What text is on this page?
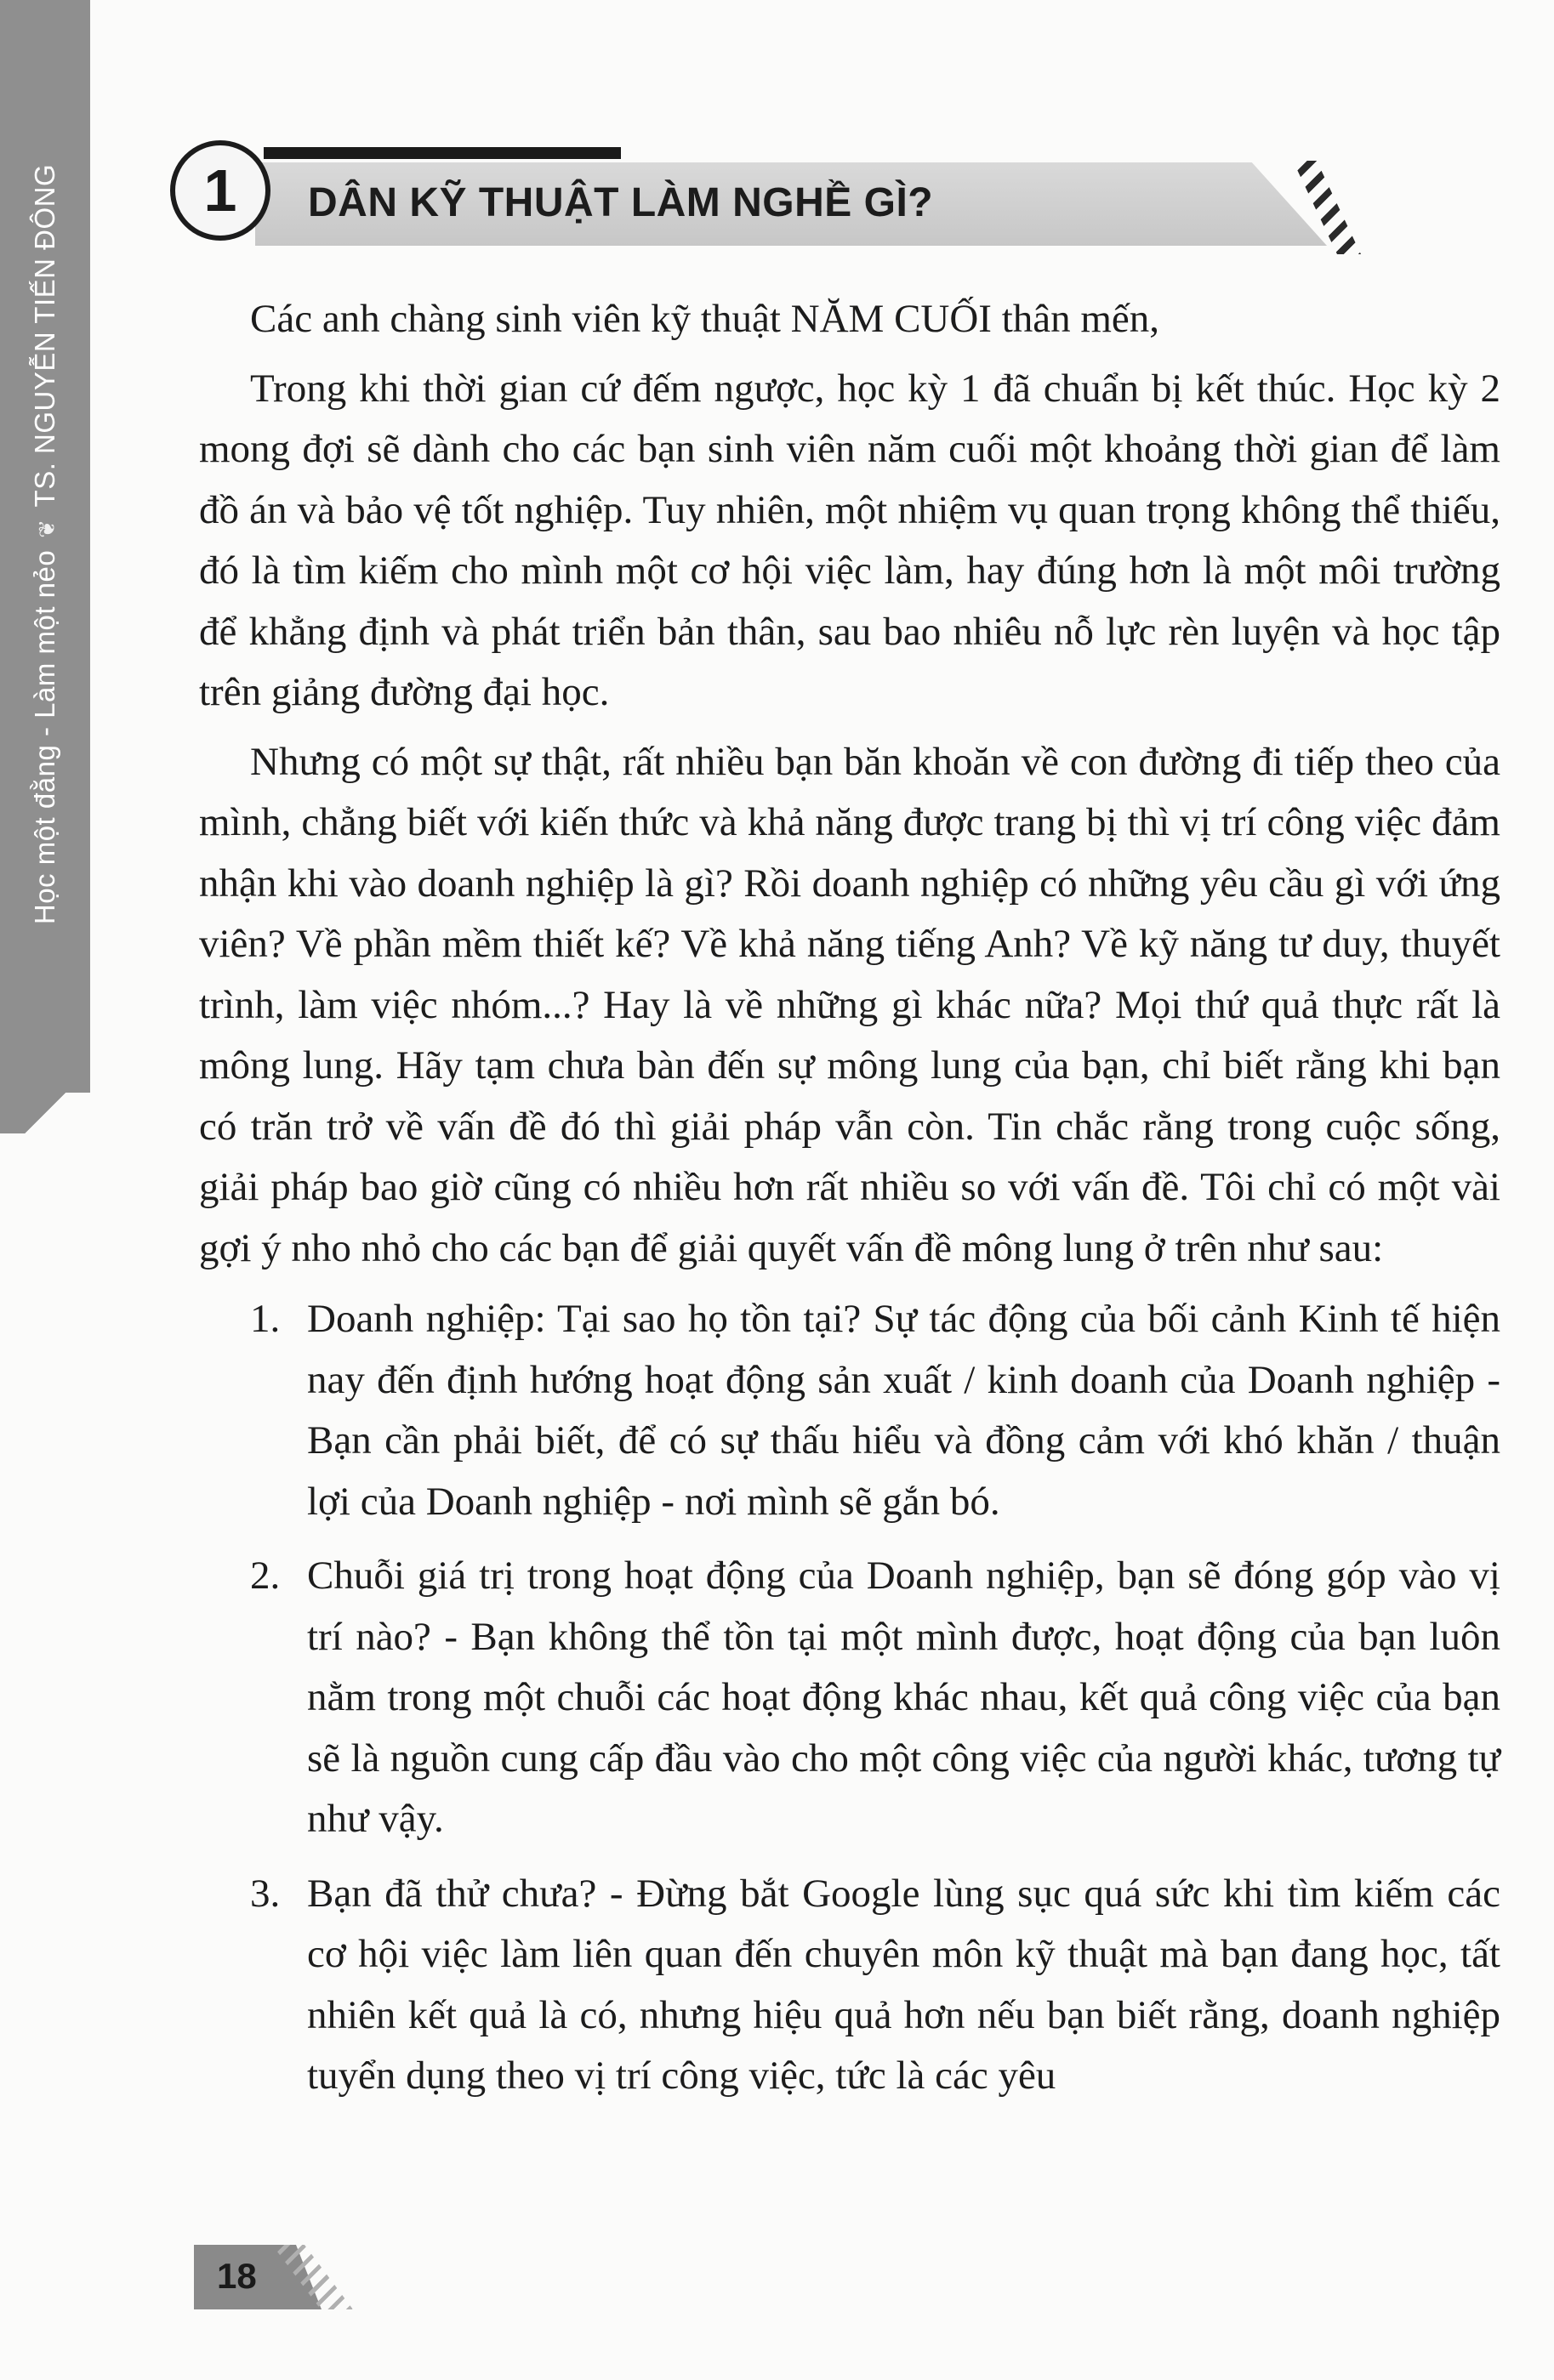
Học một đằng - Làm một nẻo❦TS. NGUYỄN TIẾN ĐÔNG	1	DÂN KỸ THUẬT LÀM NGHỀ GÌ?

Các anh chàng sinh viên kỹ thuật NĂM CUỐI thân mến,

Trong khi thời gian cứ đếm ngược, học kỳ 1 đã chuẩn bị kết thúc. Học kỳ 2 mong đợi sẽ dành cho các bạn sinh viên năm cuối một khoảng thời gian để làm đồ án và bảo vệ tốt nghiệp. Tuy nhiên, một nhiệm vụ quan trọng không thể thiếu, đó là tìm kiếm cho mình một cơ hội việc làm, hay đúng hơn là một môi trường để khẳng định và phát triển bản thân, sau bao nhiêu nỗ lực rèn luyện và học tập trên giảng đường đại học.

Nhưng có một sự thật, rất nhiều bạn băn khoăn về con đường đi tiếp theo của mình, chẳng biết với kiến thức và khả năng được trang bị thì vị trí công việc đảm nhận khi vào doanh nghiệp là gì? Rồi doanh nghiệp có những yêu cầu gì với ứng viên? Về phần mềm thiết kế? Về khả năng tiếng Anh? Về kỹ năng tư duy, thuyết trình, làm việc nhóm...? Hay là về những gì khác nữa? Mọi thứ quả thực rất là mông lung. Hãy tạm chưa bàn đến sự mông lung của bạn, chỉ biết rằng khi bạn có trăn trở về vấn đề đó thì giải pháp vẫn còn. Tin chắc rằng trong cuộc sống, giải pháp bao giờ cũng có nhiều hơn rất nhiều so với vấn đề. Tôi chỉ có một vài gợi ý nho nhỏ cho các bạn để giải quyết vấn đề mông lung ở trên như sau:

1. Doanh nghiệp: Tại sao họ tồn tại? Sự tác động của bối cảnh Kinh tế hiện nay đến định hướng hoạt động sản xuất / kinh doanh của Doanh nghiệp - Bạn cần phải biết, để có sự thấu hiểu và đồng cảm với khó khăn / thuận lợi của Doanh nghiệp - nơi mình sẽ gắn bó.
2. Chuỗi giá trị trong hoạt động của Doanh nghiệp, bạn sẽ đóng góp vào vị trí nào? - Bạn không thể tồn tại một mình được, hoạt động của bạn luôn nằm trong một chuỗi các hoạt động khác nhau, kết quả công việc của bạn sẽ là nguồn cung cấp đầu vào cho một công việc của người khác, tương tự như vậy.
3. Bạn đã thử chưa? - Đừng bắt Google lùng sục quá sức khi tìm kiếm các cơ hội việc làm liên quan đến chuyên môn kỹ thuật mà bạn đang học, tất nhiên kết quả là có, nhưng hiệu quả hơn nếu bạn biết rằng, doanh nghiệp tuyển dụng theo vị trí công việc, tức là các yêu
18
